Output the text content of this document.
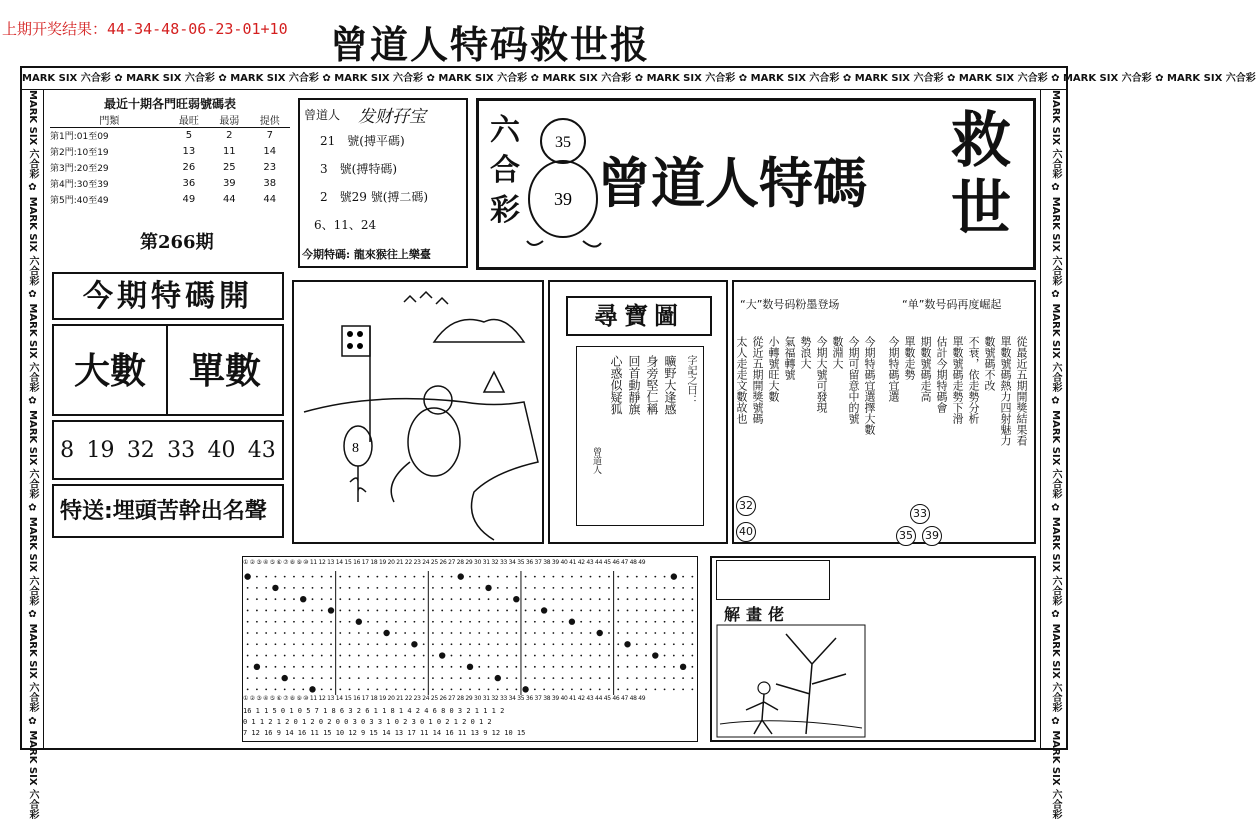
上期开奖结果：44-34-48-06-23-01+10 曾道人特码救世报
MARK SIX 六合彩 ✿ MARK SIX 六合彩 ✿ MARK SIX 六合彩 ✿ MARK SIX 六合彩 ✿ MARK SIX 六合彩 ✿ MARK SIX 六合彩 ✿ MARK SIX 六合彩 ✿ MARK SIX 六合彩 ✿ MARK SIX 六合彩 ✿ MARK SIX 六合彩 ✿ MARK SIX 六合彩 ✿ MARK SIX 六合彩
MARK SIX 六合彩 ✿ MARK SIX 六合彩 ✿ MARK SIX 六合彩 ✿ MARK SIX 六合彩 ✿ MARK SIX 六合彩 ✿ MARK SIX 六合彩 ✿ MARK SIX 六合彩
MARK SIX 六合彩 ✿ MARK SIX 六合彩 ✿ MARK SIX 六合彩 ✿ MARK SIX 六合彩 ✿ MARK SIX 六合彩 ✿ MARK SIX 六合彩 ✿ MARK SIX 六合彩
最近十期各門旺弱號碼表
門類	最旺	最弱	提供
第1門:01至09	5	2	7
第2門:10至19	13	11	14
第3門:20至29	26	25	23
第4門:30至39	36	39	38
第5門:40至49	49	44	44
第266期
曾道人 发财孖宝
21　號(搏平碼)
3　號(搏特碼)
2　號29 號(搏二碼)
6、11、24
今期特碼: 龍來猴往上樂臺
六
合
彩
35
39 曾道人特碼
救
世
今期特碼開
大數	單數
8 19 32 33 40 43
特送:埋頭苦幹出名聲
8
尋寶圖
字記之曰：
曠野大逢感
身旁堅仁稱
回首動靜旗
心惑似疑狐
曾道人
“大”数号码粉墨登场	“单”数号码再度崛起
太人走走文數故也 從近五期開獎號碼 小轉號旺大數 氣福轉號 勢浪大 今期大號可發現 數淵大 今期可留意中的號 今期特碼宜選擇大數	從最近五期開獎結果看
單數號碼熱力四射魅力
數號碼不改
不衰，依走勢分析
單數號碼走勢下滑
估計今期特碼會
期數號碼走高
單數走勢
今期特碼宜選
32
40
33
35 39
① ② ③ ④ ⑤ ⑥ ⑦ ⑧ ⑨ ⑩ 11 12 13 14 15 16 17 18 19 20 21 22 23 24 25 26 27 28 29 30 31 32 33 34 35 36 37 38 39 40 41 42 43 44 45 46 47 48 49
① ② ③ ④ ⑤ ⑥ ⑦ ⑧ ⑨ ⑩ 11 12 13 14 15 16 17 18 19 20 21 22 23 24 25 26 27 28 29 30 31 32 33 34 35 36 37 38 39 40 41 42 43 44 45 46 47 48 49
16 1 1 5 0 1 0 5 7 1 8 6 3 2 6 1 1 8 1 4 2 4 6 8 0 3 2 1 1 1 2
0 1 1 2 1 2 0 1 2 0 2 0 0 3 0 3 3 1 0 2 3 0 1 0 2 1 2 0 1 2
7 12 16 9 14 16 11 15 10 12 9 15 14 13 17 11 14 16 11 13 9 12 10 15
解畫佬
